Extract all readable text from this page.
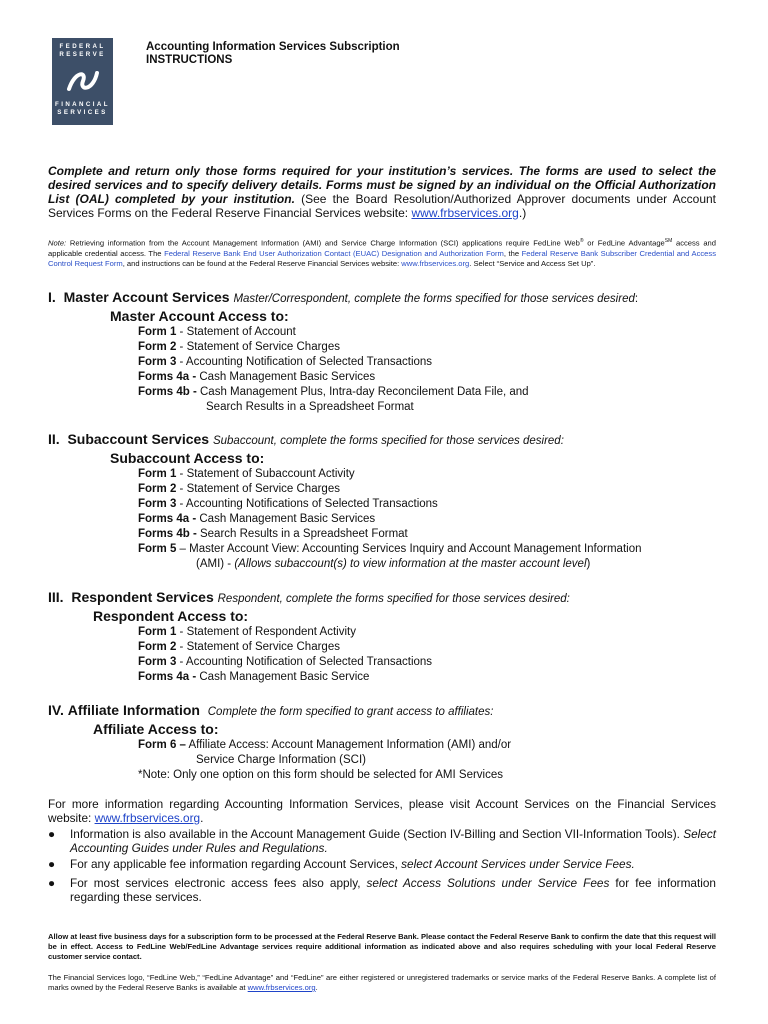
FEDERAL
RESERVE
FINANCIAL
SERVICES
Accounting Information Services Subscription
INSTRUCTIONS
Complete and return only those forms required for your institution’s services. The forms are used to select the desired services and to specify delivery details. Forms must be signed by an individual on the Official Authorization List (OAL) completed by your institution. (See the Board Resolution/Authorized Approver documents under Account Services Forms on the Federal Reserve Financial Services website: www.frbservices.org.)
Note: Retrieving information from the Account Management Information (AMI) and Service Charge Information (SCI) applications require FedLine Web® or FedLine Advantage℠ access and applicable credential access. The Federal Reserve Bank End User Authorization Contact (EUAC) Designation and Authorization Form, the Federal Reserve Bank Subscriber Credential and Access Control Request Form, and instructions can be found at the Federal Reserve Financial Services website: www.frbservices.org. Select “Service and Access Set Up”.
I. Master Account Services Master/Correspondent, complete the forms specified for those services desired:
Master Account Access to:
Form 1 - Statement of Account
Form 2 - Statement of Service Charges
Form 3 - Accounting Notification of Selected Transactions
Forms 4a - Cash Management Basic Services
Forms 4b - Cash Management Plus, Intra-day Reconcilement Data File, and
Search Results in a Spreadsheet Format
II. Subaccount Services Subaccount, complete the forms specified for those services desired:
Subaccount Access to:
Form 1 - Statement of Subaccount Activity
Form 2 - Statement of Service Charges
Form 3 - Accounting Notifications of Selected Transactions
Forms 4a - Cash Management Basic Services
Forms 4b - Search Results in a Spreadsheet Format
Form 5 – Master Account View: Accounting Services Inquiry and Account Management Information
(AMI) - (Allows subaccount(s) to view information at the master account level)
III. Respondent Services Respondent, complete the forms specified for those services desired:
Respondent Access to:
Form 1 - Statement of Respondent Activity
Form 2 - Statement of Service Charges
Form 3 - Accounting Notification of Selected Transactions
Forms 4a - Cash Management Basic Service
IV. Affiliate Information Complete the form specified to grant access to affiliates:
Affiliate Access to:
Form 6 – Affiliate Access: Account Management Information (AMI) and/or
Service Charge Information (SCI)
*Note: Only one option on this form should be selected for AMI Services
For more information regarding Accounting Information Services, please visit Account Services on the Financial Services website: www.frbservices.org.
● Information is also available in the Account Management Guide (Section IV-Billing and Section VII-Information Tools). Select Accounting Guides under Rules and Regulations.
● For any applicable fee information regarding Account Services, select Account Services under Service Fees.
● For most services electronic access fees also apply, select Access Solutions under Service Fees for fee information regarding these services.
Allow at least five business days for a subscription form to be processed at the Federal Reserve Bank. Please contact the Federal Reserve Bank to confirm the date that this request will be in effect. Access to FedLine Web/FedLine Advantage services require additional information as indicated above and also requires scheduling with your local Federal Reserve customer service contact.
The Financial Services logo, “FedLine Web,” “FedLine Advantage” and “FedLine” are either registered or unregistered trademarks or service marks of the Federal Reserve Banks. A complete list of marks owned by the Federal Reserve Banks is available at www.frbservices.org.
